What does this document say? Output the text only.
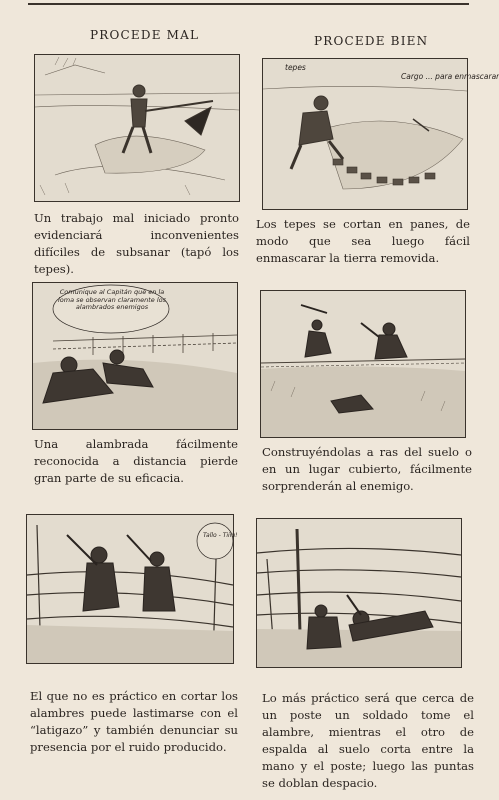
PROCEDE MAL	PROCEDE BIEN

Un trabajo mal iniciado pronto evidenciará inconvenientes difíciles de subsanar (tapó los tepes).

tepes
Cargo ... para enmascarar

Los tepes se cortan en panes, de modo que sea luego fácil enmascarar la tierra removida.

Comunique al Capitán que en la loma se observan claramente los alambrados enemigos

Una alambrada fácilmente reconocida a distancia pierde gran parte de su eficacia.

Construyéndolas a ras del suelo o en un lugar cubierto, fácilmente sorprenderán al enemigo.

Tallo - Tiiiu!

El que no es práctico en cortar los alambres puede lastimarse con el “latigazo” y también denunciar su presencia por el ruido producido.

Lo más práctico será que cerca de un poste un soldado tome el alambre, mientras el otro de espalda al suelo corta entre la mano y el poste; luego las puntas se doblan despacio.
